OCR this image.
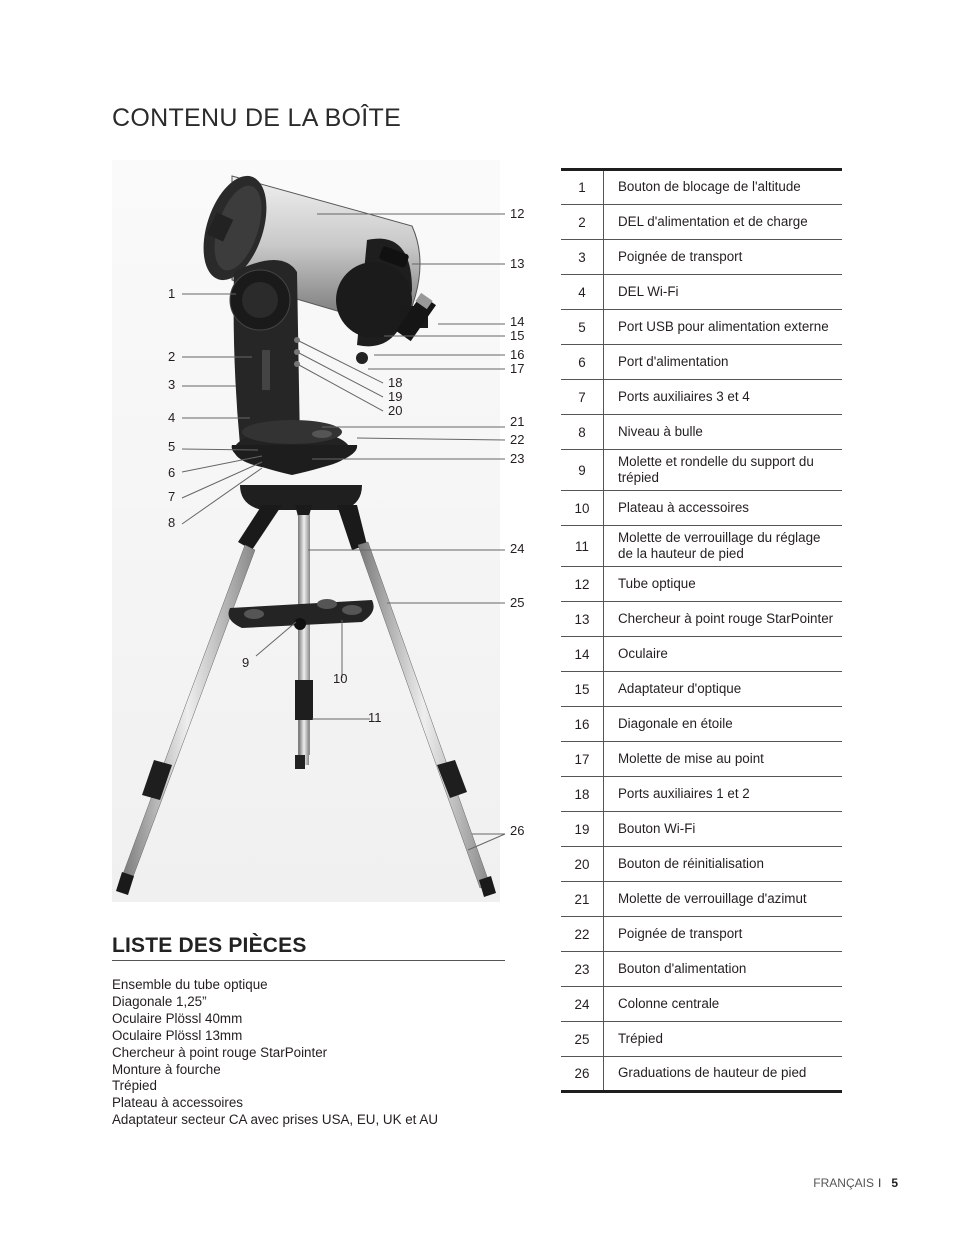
CONTENU DE LA BOÎTE
1
2
3
4
5
6
7
8
9
10
11
12
13
14
15
16
17
18
19
20
21
22
23
24
25
26
LISTE DES PIÈCES
Ensemble du tube optique
Diagonale 1,25”
Oculaire Plössl 40mm
Oculaire Plössl 13mm
Chercheur à point rouge StarPointer
Monture à fourche
Trépied
Plateau à accessoires
Adaptateur secteur CA avec prises USA, EU, UK et AU
1	Bouton de blocage de l'altitude
2	DEL d'alimentation et de charge
3	Poignée de transport
4	DEL Wi-Fi
5	Port USB pour alimentation externe
6	Port d'alimentation
7	Ports auxiliaires 3 et 4
8	Niveau à bulle
9	Molette et rondelle du support du trépied
10	Plateau à accessoires
11	Molette de verrouillage du réglage de la hauteur de pied
12	Tube optique
13	Chercheur à point rouge StarPointer
14	Oculaire
15	Adaptateur d'optique
16	Diagonale en étoile
17	Molette de mise au point
18	Ports auxiliaires 1 et 2
19	Bouton Wi-Fi
20	Bouton de réinitialisation
21	Molette de verrouillage d'azimut
22	Poignée de transport
23	Bouton d'alimentation
24	Colonne centrale
25	Trépied
26	Graduations de hauteur de pied
FRANÇAIS I 5
